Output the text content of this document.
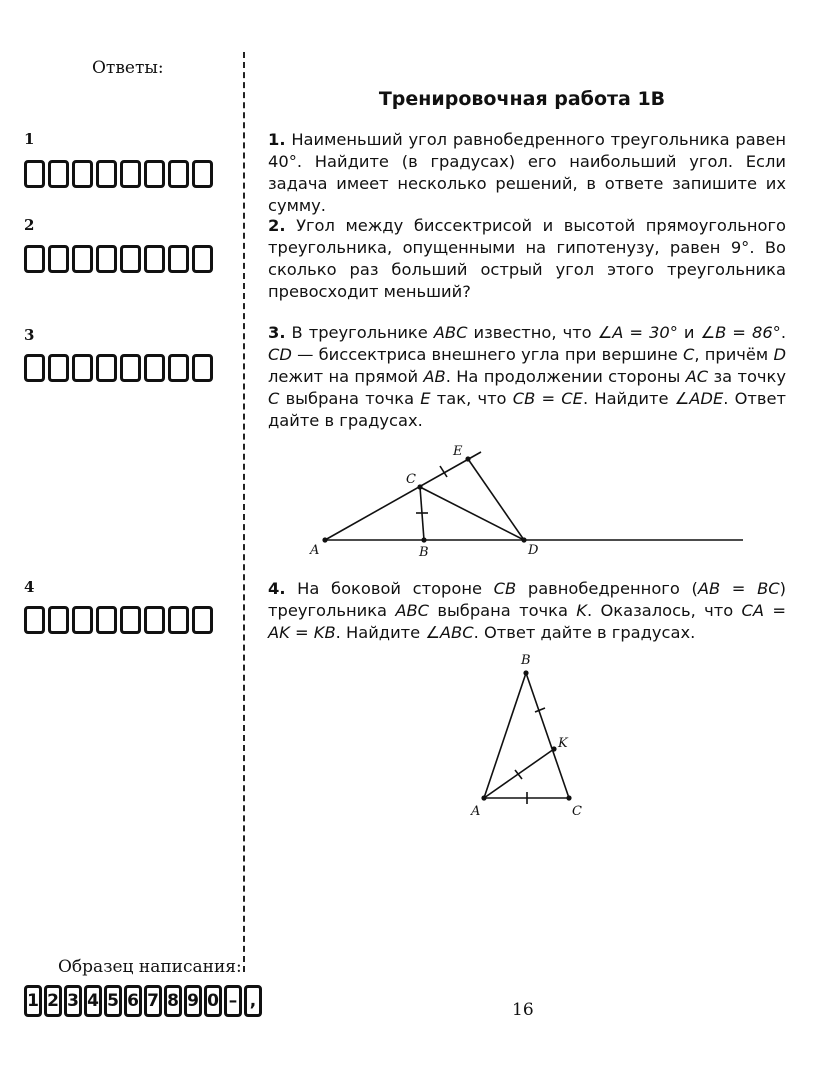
Ответы:
1
2
3
4
Образец написания:
1 2 3 4 5 6 7 8 9 0 – ,
Тренировочная работа 1В
1. Наименьший угол равнобедренного треугольника равен 40°. Найдите (в градусах) его наибольший угол. Если задача имеет несколько решений, в ответе запишите их сумму.
2. Угол между биссектрисой и высотой прямоугольного треугольника, опущенными на гипотенузу, равен 9°. Во сколько раз больший острый угол этого треугольника превосходит меньший?
3. В треугольнике ABC известно, что ∠A = 30° и ∠B = 86°. CD — биссектриса внешнего угла при вершине C, причём D лежит на прямой AB. На продолжении стороны AC за точку C выбрана точка E так, что CB = CE. Найдите ∠ADE. Ответ дайте в градусах.
A	B
C
D
E
4. На боковой стороне CB равнобедренного (AB = BC) треугольника ABC выбрана точка K. Оказалось, что CA = AK = KB. Найдите ∠ABC. Ответ дайте в градусах.
A
B
C
K
16
